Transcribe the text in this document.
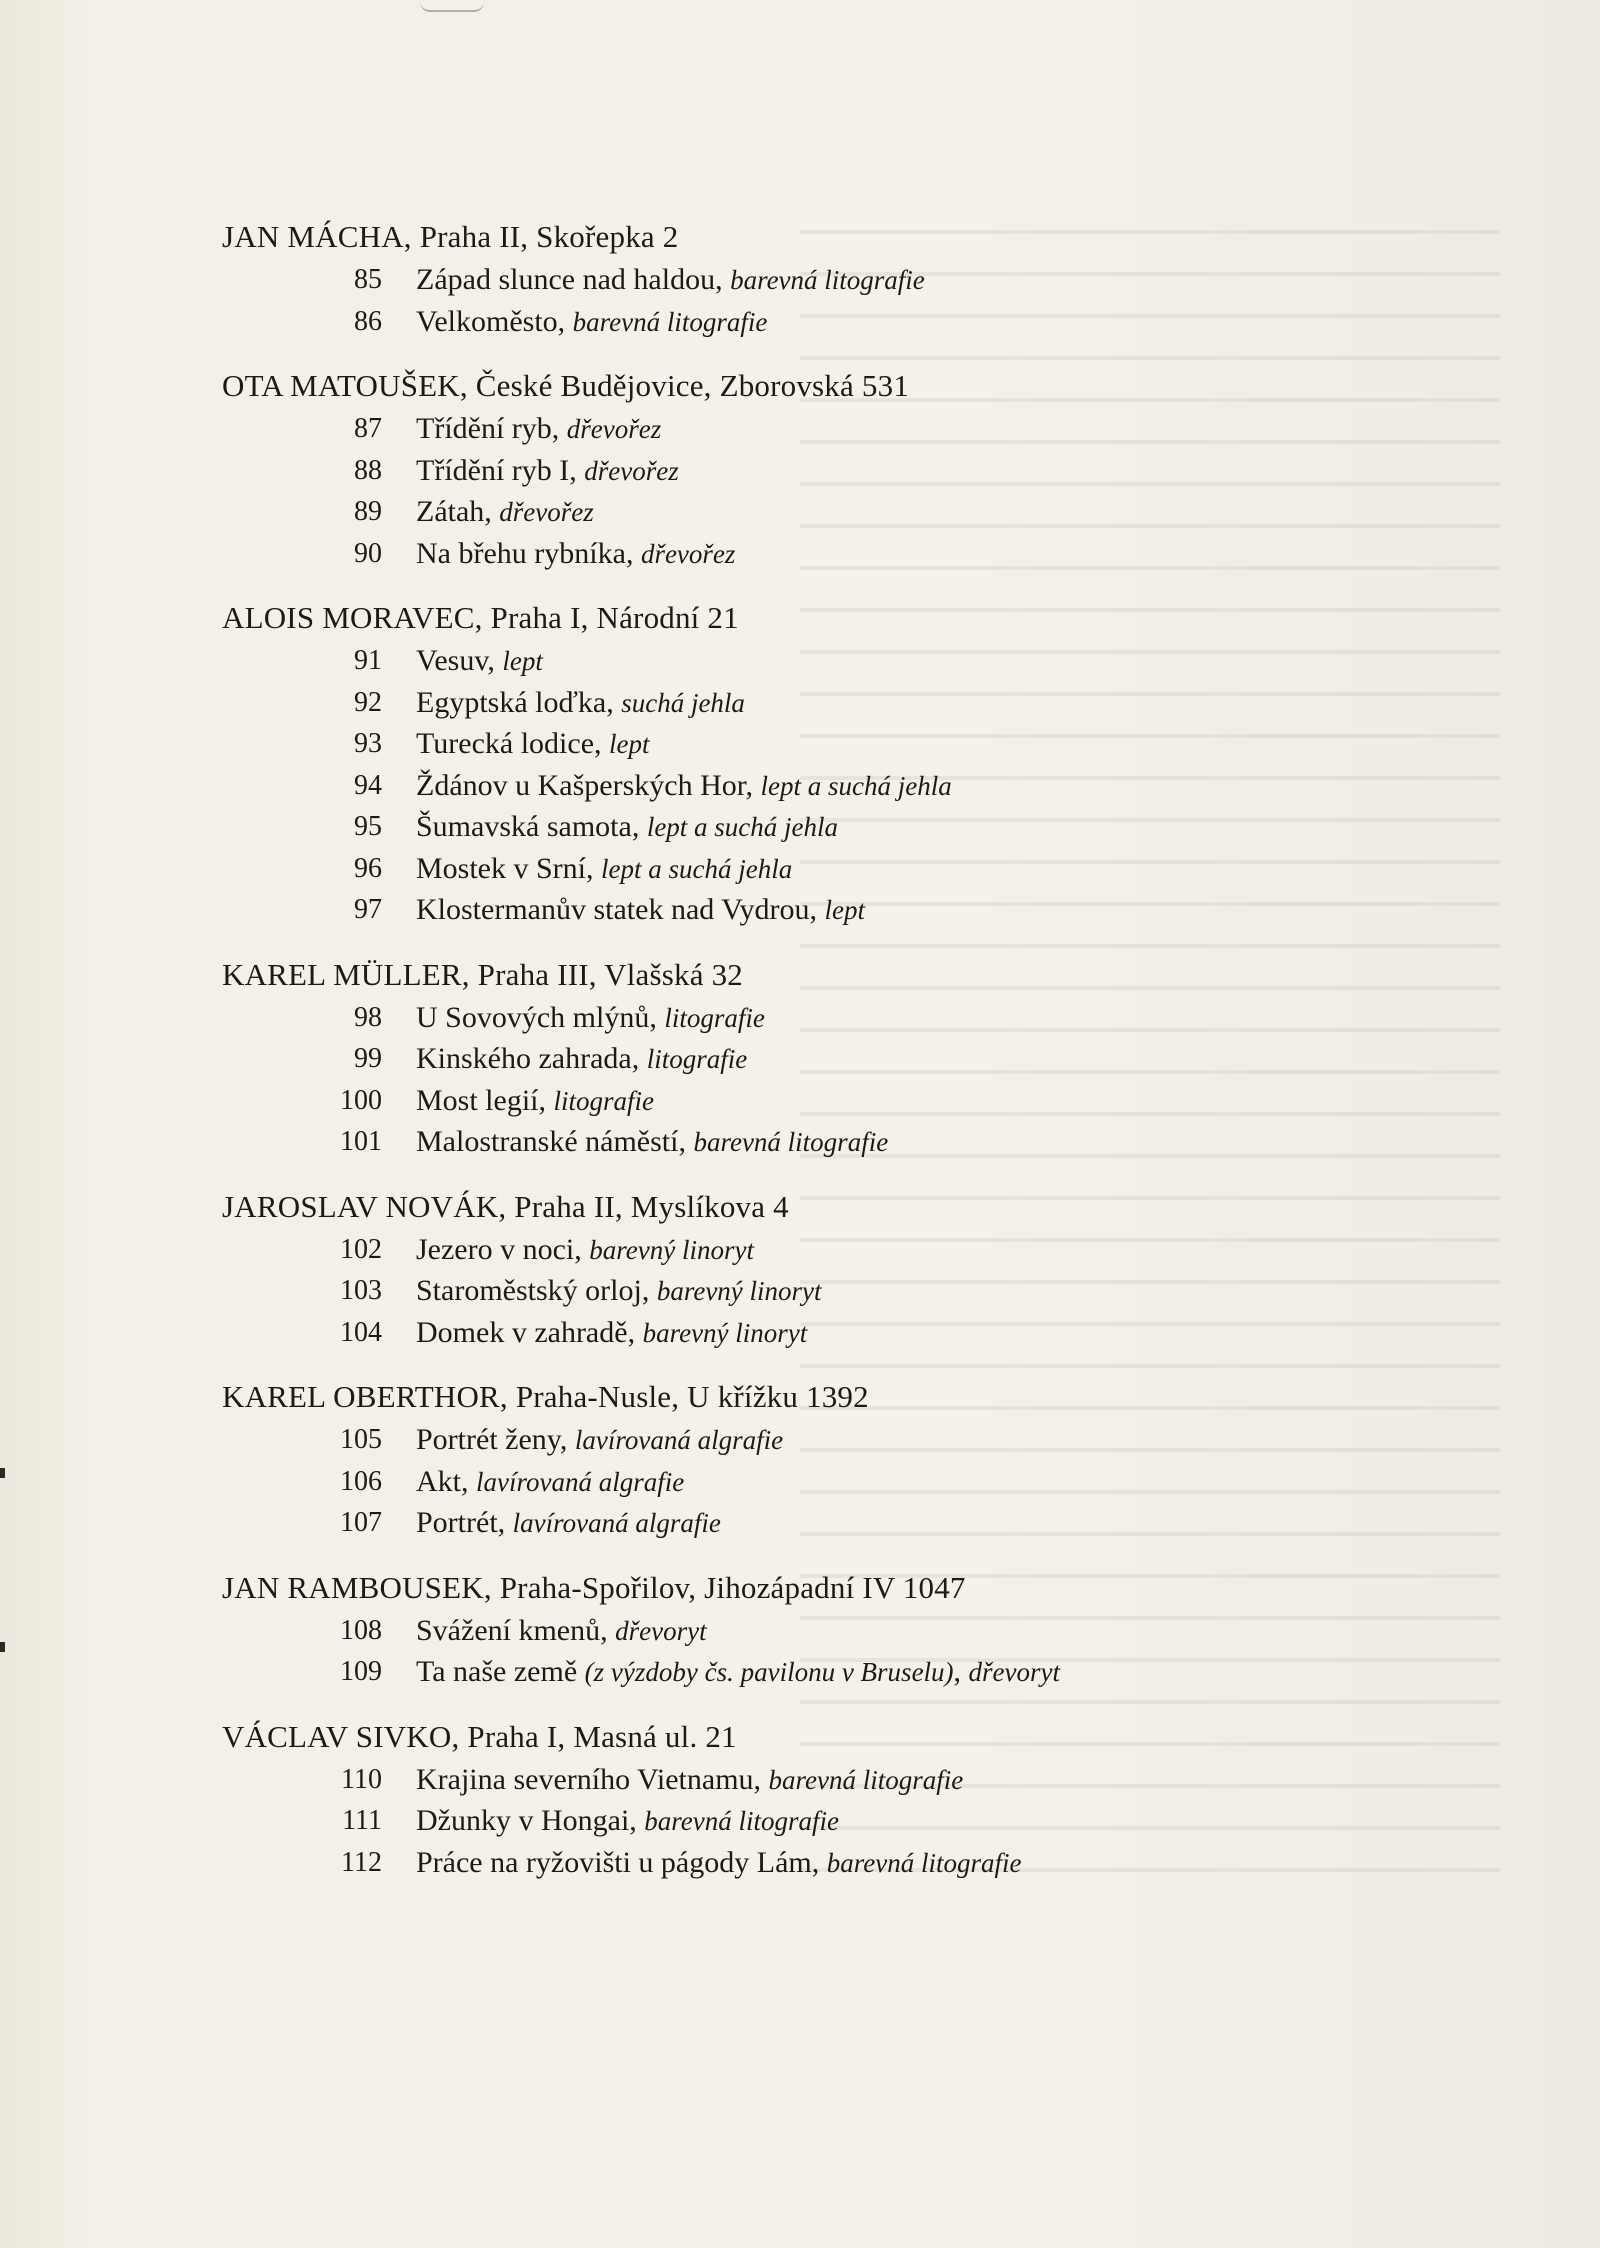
JAN MÁCHA, Praha II, Skořepka 2
85 Západ slunce nad haldou, barevná litografie
86 Velkoměsto, barevná litografie
OTA MATOUŠEK, České Budějovice, Zborovská 531
87 Třídění ryb, dřevořez
88 Třídění ryb I, dřevořez
89 Zátah, dřevořez
90 Na břehu rybníka, dřevořez
ALOIS MORAVEC, Praha I, Národní 21
91 Vesuv, lept
92 Egyptská loďka, suchá jehla
93 Turecká lodice, lept
94 Ždánov u Kašperských Hor, lept a suchá jehla
95 Šumavská samota, lept a suchá jehla
96 Mostek v Srní, lept a suchá jehla
97 Klostermanův statek nad Vydrou, lept
KAREL MÜLLER, Praha III, Vlašská 32
98 U Sovových mlýnů, litografie
99 Kinského zahrada, litografie
100 Most legií, litografie
101 Malostranské náměstí, barevná litografie
JAROSLAV NOVÁK, Praha II, Myslíkova 4
102 Jezero v noci, barevný linoryt
103 Staroměstský orloj, barevný linoryt
104 Domek v zahradě, barevný linoryt
KAREL OBERTHOR, Praha-Nusle, U křížku 1392
105 Portrét ženy, lavírovaná algrafie
106 Akt, lavírovaná algrafie
107 Portrét, lavírovaná algrafie
JAN RAMBOUSEK, Praha-Spořilov, Jihozápadní IV 1047
108 Svážení kmenů, dřevoryt
109 Ta naše země (z výzdoby čs. pavilonu v Bruselu), dřevoryt
VÁCLAV SIVKO, Praha I, Masná ul. 21
110 Krajina severního Vietnamu, barevná litografie
111 Džunky v Hongai, barevná litografie
112 Práce na ryžovišti u págody Lám, barevná litografie
